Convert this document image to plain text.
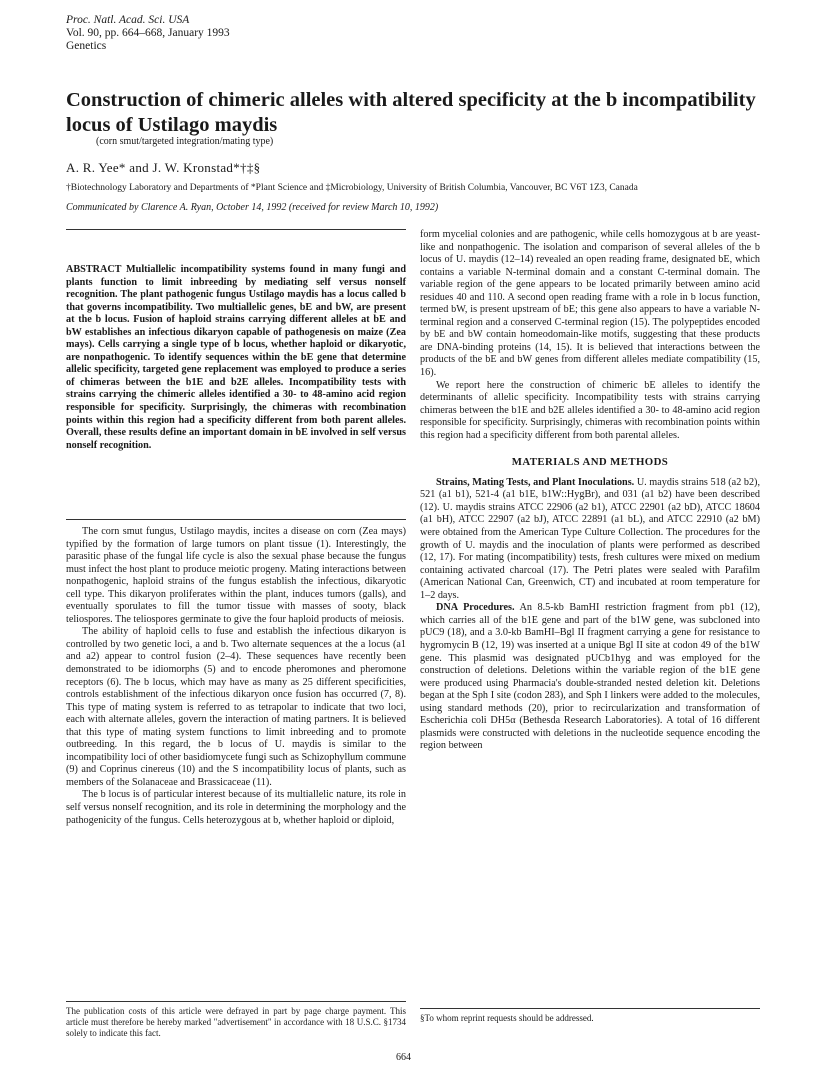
Proc. Natl. Acad. Sci. USA
Vol. 90, pp. 664–668, January 1993
Genetics
Construction of chimeric alleles with altered specificity at the b incompatibility locus of Ustilago maydis
(corn smut/targeted integration/mating type)
A. R. Yee* and J. W. Kronstad*†‡§
†Biotechnology Laboratory and Departments of *Plant Science and ‡Microbiology, University of British Columbia, Vancouver, BC V6T 1Z3, Canada
Communicated by Clarence A. Ryan, October 14, 1992 (received for review March 10, 1992)
ABSTRACT Multiallelic incompatibility systems found in many fungi and plants function to limit inbreeding by mediating self versus nonself recognition. The plant pathogenic fungus Ustilago maydis has a locus called b that governs incompatibility. Two multiallelic genes, bE and bW, are present at the b locus. Fusion of haploid strains carrying different alleles at bE and bW establishes an infectious dikaryon capable of pathogenesis on maize (Zea mays). Cells carrying a single type of b locus, whether haploid or dikaryotic, are nonpathogenic. To identify sequences within the bE gene that determine allelic specificity, targeted gene replacement was employed to produce a series of chimeras between the b1E and b2E alleles. Incompatibility tests with strains carrying the chimeric alleles identified a 30- to 48-amino acid region responsible for specificity. Surprisingly, the chimeras with recombination points within this region had a specificity different from both parent alleles. Overall, these results define an important domain in bE involved in self versus nonself recognition.

The corn smut fungus, Ustilago maydis, incites a disease on corn (Zea mays) typified by the formation of large tumors on plant tissue (1). Interestingly, the parasitic phase of the fungal life cycle is also the sexual phase because the fungus must infect the host plant to produce meiotic progeny. Mating interactions between nonpathogenic, haploid strains of the fungus establish the infectious, dikaryotic cell type. This dikaryon proliferates within the plant, induces tumors (galls), and eventually sporulates to fill the tumor tissue with masses of sooty, black teliospores. The teliospores germinate to give the four haploid products of meiosis.

The ability of haploid cells to fuse and establish the infectious dikaryon is controlled by two genetic loci, a and b. Two alternate sequences at the a locus (a1 and a2) appear to control fusion (2–4). These sequences have recently been demonstrated to be idiomorphs (5) and to encode pheromones and pheromone receptors (6). The b locus, which may have as many as 25 different specificities, controls establishment of the infectious dikaryon once fusion has occurred (7, 8). This type of mating system is referred to as tetrapolar to indicate that two loci, each with alternate alleles, govern the interaction of mating partners. It is believed that this type of mating system functions to limit inbreeding and to promote outbreeding. In this regard, the b locus of U. maydis is similar to the incompatibility loci of other basidiomycete fungi such as Schizophyllum commune (9) and Coprinus cinereus (10) and the S incompatibility locus of plants, such as members of the Solanaceae and Brassicaceae (11).

The b locus is of particular interest because of its multiallelic nature, its role in self versus nonself recognition, and its role in determining the morphology and the pathogenicity of the fungus. Cells heterozygous at b, whether haploid or diploid,

form mycelial colonies and are pathogenic, while cells homozygous at b are yeast-like and nonpathogenic. The isolation and comparison of several alleles of the b locus of U. maydis (12–14) revealed an open reading frame, designated bE, which contains a variable N-terminal domain and a constant C-terminal domain. The variable region of the gene appears to be located primarily between amino acid residues 40 and 110. A second open reading frame with a role in b locus function, termed bW, is present upstream of bE; this gene also appears to have a variable N-terminal region and a conserved C-terminal region (15). The polypeptides encoded by bE and bW contain homeodomain-like motifs, suggesting that these products are DNA-binding proteins (14, 15). It is believed that interactions between the products of the bE and bW genes from different alleles mediate compatibility (15, 16).

We report here the construction of chimeric bE alleles to identify the determinants of allelic specificity. Incompatibility tests with strains carrying chimeras between the b1E and b2E alleles identified a 30- to 48-amino acid region responsible for specificity. Surprisingly, chimeras with recombination points within this region had a specificity different from both parental alleles.

MATERIALS AND METHODS

Strains, Mating Tests, and Plant Inoculations. U. maydis strains 518 (a2 b2), 521 (a1 b1), 521-4 (a1 b1E, b1W::HygBr), and 031 (a1 b2) have been described (12). U. maydis strains ATCC 22906 (a2 b1), ATCC 22901 (a2 bD), ATCC 18604 (a1 bH), ATCC 22907 (a2 bJ), ATCC 22891 (a1 bL), and ATCC 22910 (a2 bM) were obtained from the American Type Culture Collection. The procedures for the growth of U. maydis and the inoculation of plants were performed as described (12, 17). For mating (incompatibility) tests, fresh cultures were mixed on medium containing activated charcoal (17). The Petri plates were sealed with Parafilm (American National Can, Greenwich, CT) and incubated at room temperature for 1–2 days.

DNA Procedures. An 8.5-kb BamHI restriction fragment from pb1 (12), which carries all of the b1E gene and part of the b1W gene, was subcloned into pUC9 (18), and a 3.0-kb BamHI–Bgl II fragment carrying a gene for resistance to hygromycin B (12, 19) was inserted at a unique Bgl II site at codon 49 of the b1W gene. This plasmid was designated pUCb1hyg and was employed for the construction of deletions. Deletions within the variable region of the b1E gene were produced using Pharmacia's double-stranded nested deletion kit. Deletions began at the Sph I site (codon 283), and Sph I linkers were added to the molecules, using standard methods (20), prior to recircularization and transformation of Escherichia coli DH5α (Bethesda Research Laboratories). A total of 16 different plasmids were constructed with deletions in the nucleotide sequence encoding the region between

The publication costs of this article were defrayed in part by page charge payment. This article must therefore be hereby marked "advertisement" in accordance with 18 U.S.C. §1734 solely to indicate this fact.
§To whom reprint requests should be addressed.
664
